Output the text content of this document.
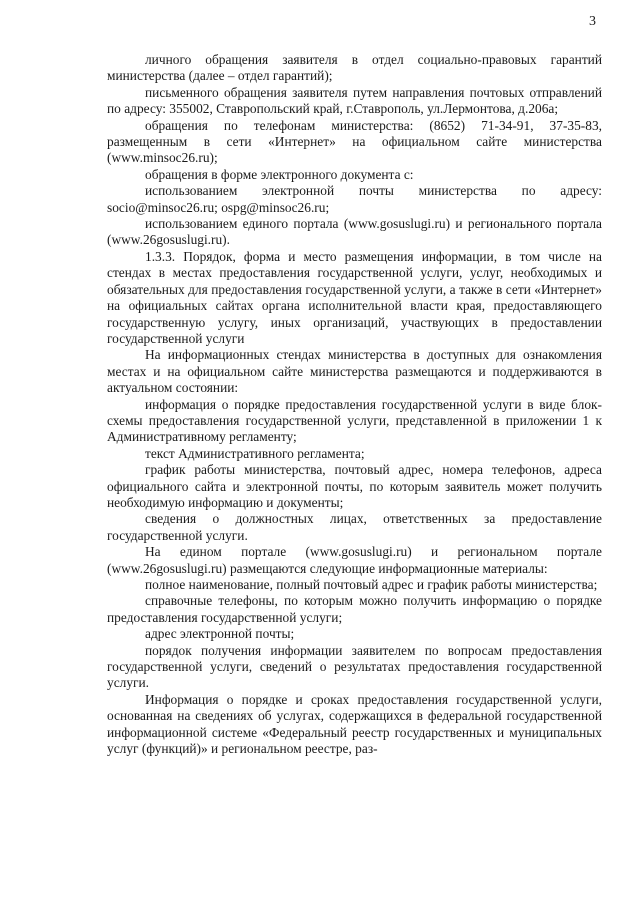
3

личного обращения заявителя в отдел социально-правовых гарантий министерства (далее – отдел гарантий);

письменного обращения заявителя путем направления почтовых отправлений по адресу: 355002, Ставропольский край, г.Ставрополь, ул.Лермонтова, д.206а;

обращения по телефонам министерства: (8652) 71-34-91, 37-35-83, размещенным в сети «Интернет» на официальном сайте министерства (www.minsoc26.ru);

обращения в форме электронного документа с:

использованием электронной почты министерства по адресу: socio@minsoc26.ru; ospg@minsoc26.ru;

использованием единого портала (www.gosuslugi.ru) и регионального портала (www.26gosuslugi.ru).

1.3.3. Порядок, форма и место размещения информации, в том числе на стендах в местах предоставления государственной услуги, услуг, необходимых и обязательных для предоставления государственной услуги, а также в сети «Интернет» на официальных сайтах органа исполнительной власти края, предоставляющего государственную услугу, иных организаций, участвующих в предоставлении государственной услуги

На информационных стендах министерства в доступных для ознакомления местах и на официальном сайте министерства размещаются и поддерживаются в актуальном состоянии:

информация о порядке предоставления государственной услуги в виде блок-схемы предоставления государственной услуги, представленной в приложении 1 к Административному регламенту;

текст Административного регламента;

график работы министерства, почтовый адрес, номера телефонов, адреса официального сайта и электронной почты, по которым заявитель может получить необходимую информацию и документы;

сведения о должностных лицах, ответственных за предоставление государственной услуги.

На едином портале (www.gosuslugi.ru) и региональном портале (www.26gosuslugi.ru) размещаются следующие информационные материалы:

полное наименование, полный почтовый адрес и график работы министерства;

справочные телефоны, по которым можно получить информацию о порядке предоставления государственной услуги;

адрес электронной почты;

порядок получения информации заявителем по вопросам предоставления государственной услуги, сведений о результатах предоставления государственной услуги.

Информация о порядке и сроках предоставления государственной услуги, основанная на сведениях об услугах, содержащихся в федеральной государственной информационной системе «Федеральный реестр государственных и муниципальных услуг (функций)» и региональном реестре, раз-
